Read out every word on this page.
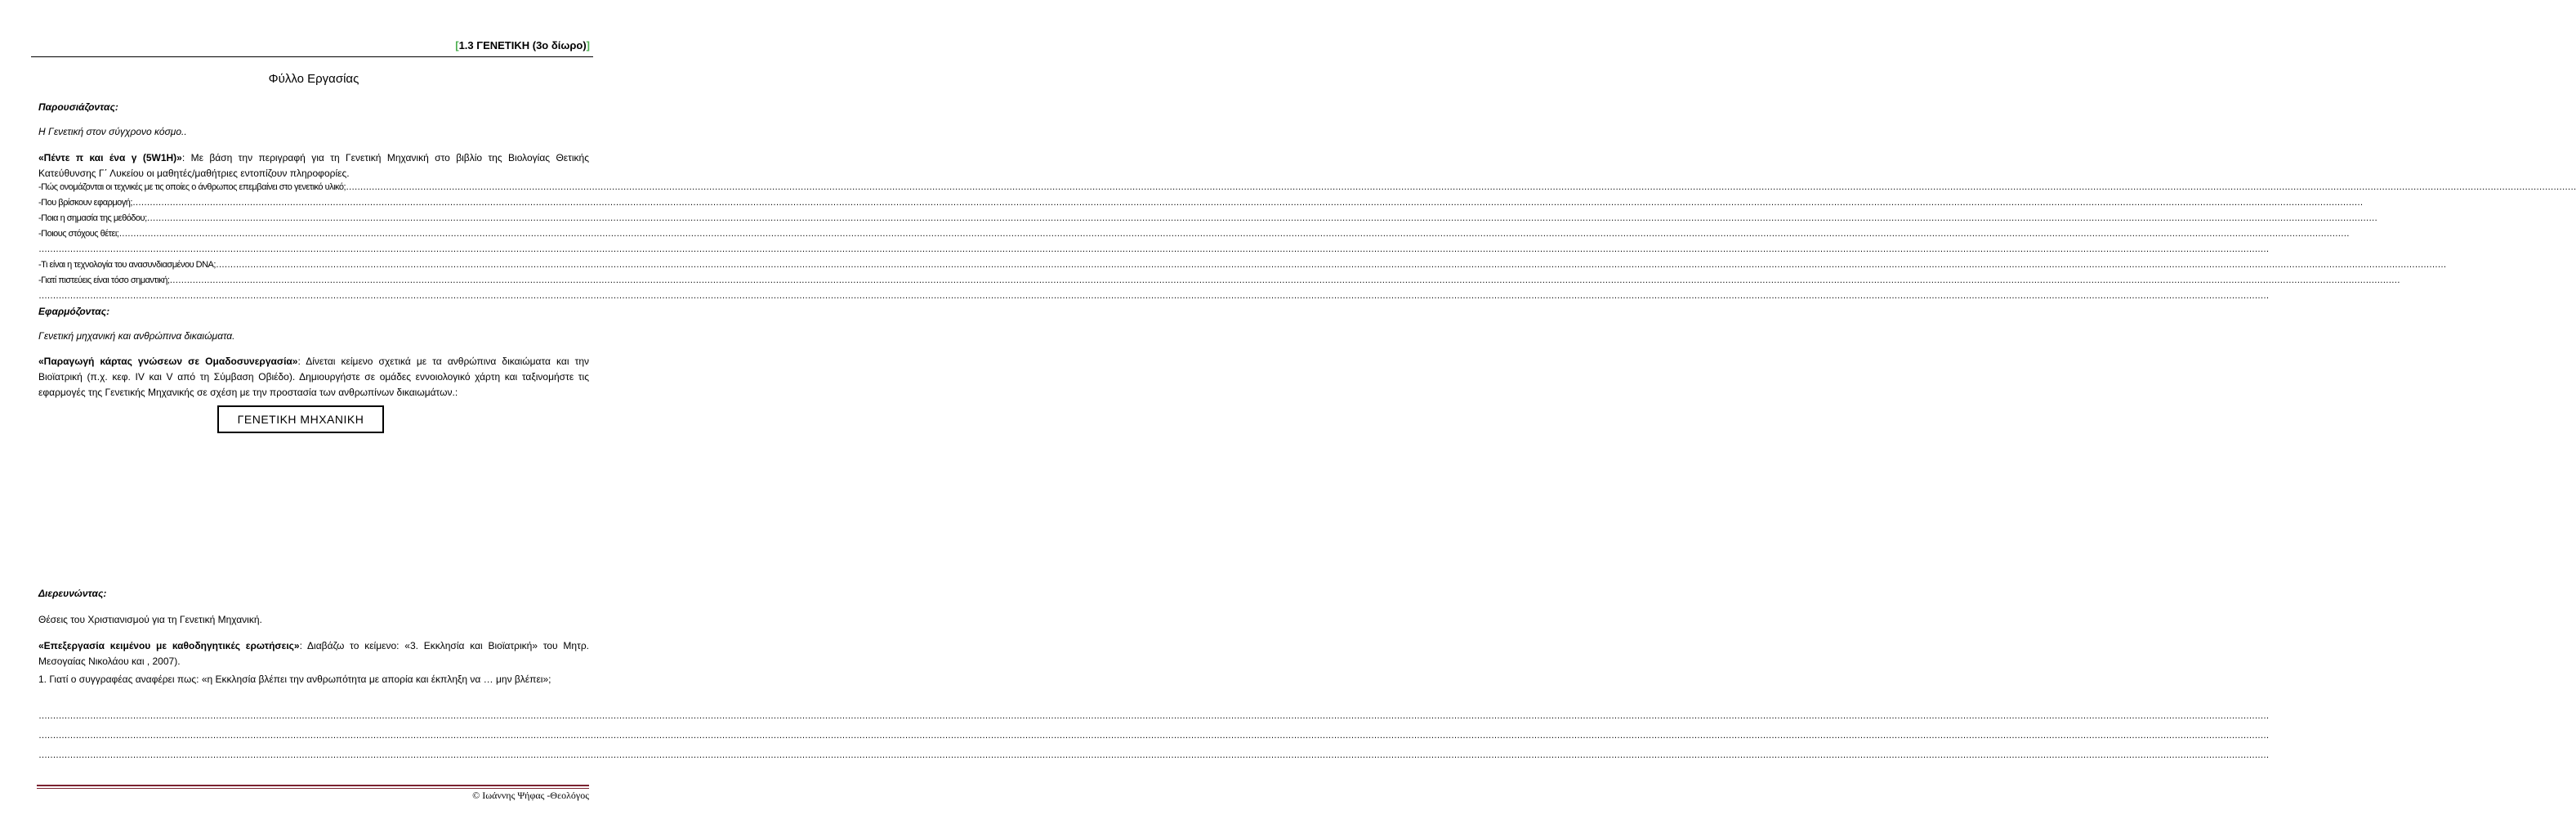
[1.3 ΓΕΝΕΤΙΚΗ (3ο δίωρο)]
Φύλλο Εργασίας
Παρουσιάζοντας:
Η Γενετική στον σύγχρονο κόσμο..
«Πέντε π και ένα γ (5W1H)»: Με βάση την περιγραφή για τη Γενετική Μηχανική στο βιβλίο της Βιολογίας Θετικής Κατεύθυνσης Γ΄ Λυκείου οι μαθητές/μαθήτριες εντοπίζουν πληροφορίες.
-Πώς ονομάζονται οι τεχνικές με τις οποίες ο άνθρωπος επεμβαίνει στο γενετικό υλικό;……………………………………………………………………………………………………………………………………………………………………………………………………………………………………………………………………………………………………………………………………………………………………………………………………………………………………………………………………………………………………………………………………………………………………………………………………………………………………………………………………………………………………………………
-Που βρίσκουν εφαρμογή;……………………………………………………………………………………………………………………………………………………………………………………………………………………………………………………………………………………………………………………………………………………………………………………………………………………………………………………………………………………………………………………………………………………………………………………………………………………………………………………………………………………………………………………
-Ποια η σημασία της μεθόδου;……………………………………………………………………………………………………………………………………………………………………………………………………………………………………………………………………………………………………………………………………………………………………………………………………………………………………………………………………………………………………………………………………………………………………………………………………………………………………………………………………………………………………………………
-Ποιους στόχους θέτει;……………………………………………………………………………………………………………………………………………………………………………………………………………………………………………………………………………………………………………………………………………………………………………………………………………………………………………………………………………………………………………………………………………………………………………………………………………………………………………………………………………………………………………………
……………………………………………………………………………………………………………………………………………………………………………………………………………………………………………………………………………………………………………………………………………………………………………………………………………………………………………………………………………………………………………………………………………………………………………………………………………………………………………………………………………………………………………………
-Τι είναι η τεχνολογία του ανασυνδιασμένου DNA;……………………………………………………………………………………………………………………………………………………………………………………………………………………………………………………………………………………………………………………………………………………………………………………………………………………………………………………………………………………………………………………………………………………………………………………………………………………………………………………………………………………………………………………
-Γιατί πιστεύεις είναι τόσο σημαντική;……………………………………………………………………………………………………………………………………………………………………………………………………………………………………………………………………………………………………………………………………………………………………………………………………………………………………………………………………………………………………………………………………………………………………………………………………………………………………………………………………………………………………………………
……………………………………………………………………………………………………………………………………………………………………………………………………………………………………………………………………………………………………………………………………………………………………………………………………………………………………………………………………………………………………………………………………………………………………………………………………………………………………………………………………………………………………………………
Εφαρμόζοντας:
Γενετική μηχανική και ανθρώπινα δικαιώματα.
«Παραγωγή κάρτας γνώσεων σε Ομαδοσυνεργασία»: Δίνεται κείμενο σχετικά με τα ανθρώπινα δικαιώματα και την Βιοϊατρική (π.χ. κεφ. IV και V από τη Σύμβαση Οβιέδο). Δημιουργήστε σε ομάδες εννοιολογικό χάρτη και ταξινομήστε τις εφαρμογές της Γενετικής Μηχανικής σε σχέση με την προστασία των ανθρωπίνων δικαιωμάτων.:
ΓΕΝΕΤΙΚΗ ΜΗΧΑΝΙΚΗ
Διερευνώντας:
Θέσεις του Χριστιανισμού για τη Γενετική Μηχανική.
«Επεξεργασία κειμένου με καθοδηγητικές ερωτήσεις»: Διαβάζω το κείμενο: «3. Εκκλησία και Βιοϊατρική» του Μητρ. Μεσογαίας Νικολάου και , 2007).
1. Γιατί ο συγγραφέας αναφέρει πως: «η Εκκλησία βλέπει την ανθρωπότητα με απορία και έκπληξη να … μην βλέπει»;
……………………………………………………………………………………………………………………………………………………………………………………………………………………………………………………………………………………………………………………………………………………………………………………………………………………………………………………………………………………………………………………………………………………………………………………………………………………………………………………………………………………………………………………
……………………………………………………………………………………………………………………………………………………………………………………………………………………………………………………………………………………………………………………………………………………………………………………………………………………………………………………………………………………………………………………………………………………………………………………………………………………………………………………………………………………………………………………
……………………………………………………………………………………………………………………………………………………………………………………………………………………………………………………………………………………………………………………………………………………………………………………………………………………………………………………………………………………………………………………………………………………………………………………………………………………………………………………………………………………………………………………
© Ιωάννης Ψήφας -Θεολόγος
